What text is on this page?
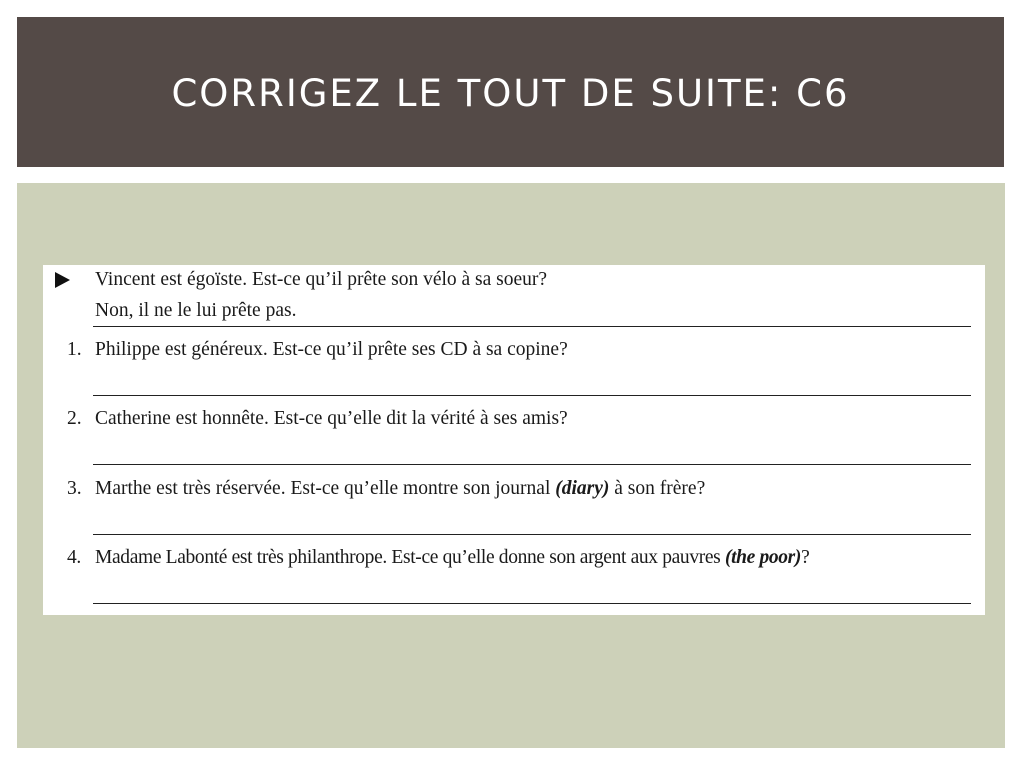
CORRIGEZ LE TOUT DE SUITE: C6
Vincent est égoïste. Est-ce qu’il prête son vélo à sa soeur?
Non, il ne le lui prête pas.
1. Philippe est généreux. Est-ce qu’il prête ses CD à sa copine?
2. Catherine est honnête. Est-ce qu’elle dit la vérité à ses amis?
3. Marthe est très réservée. Est-ce qu’elle montre son journal (diary) à son frère?
4. Madame Labonté est très philanthrope. Est-ce qu’elle donne son argent aux pauvres (the poor)?
